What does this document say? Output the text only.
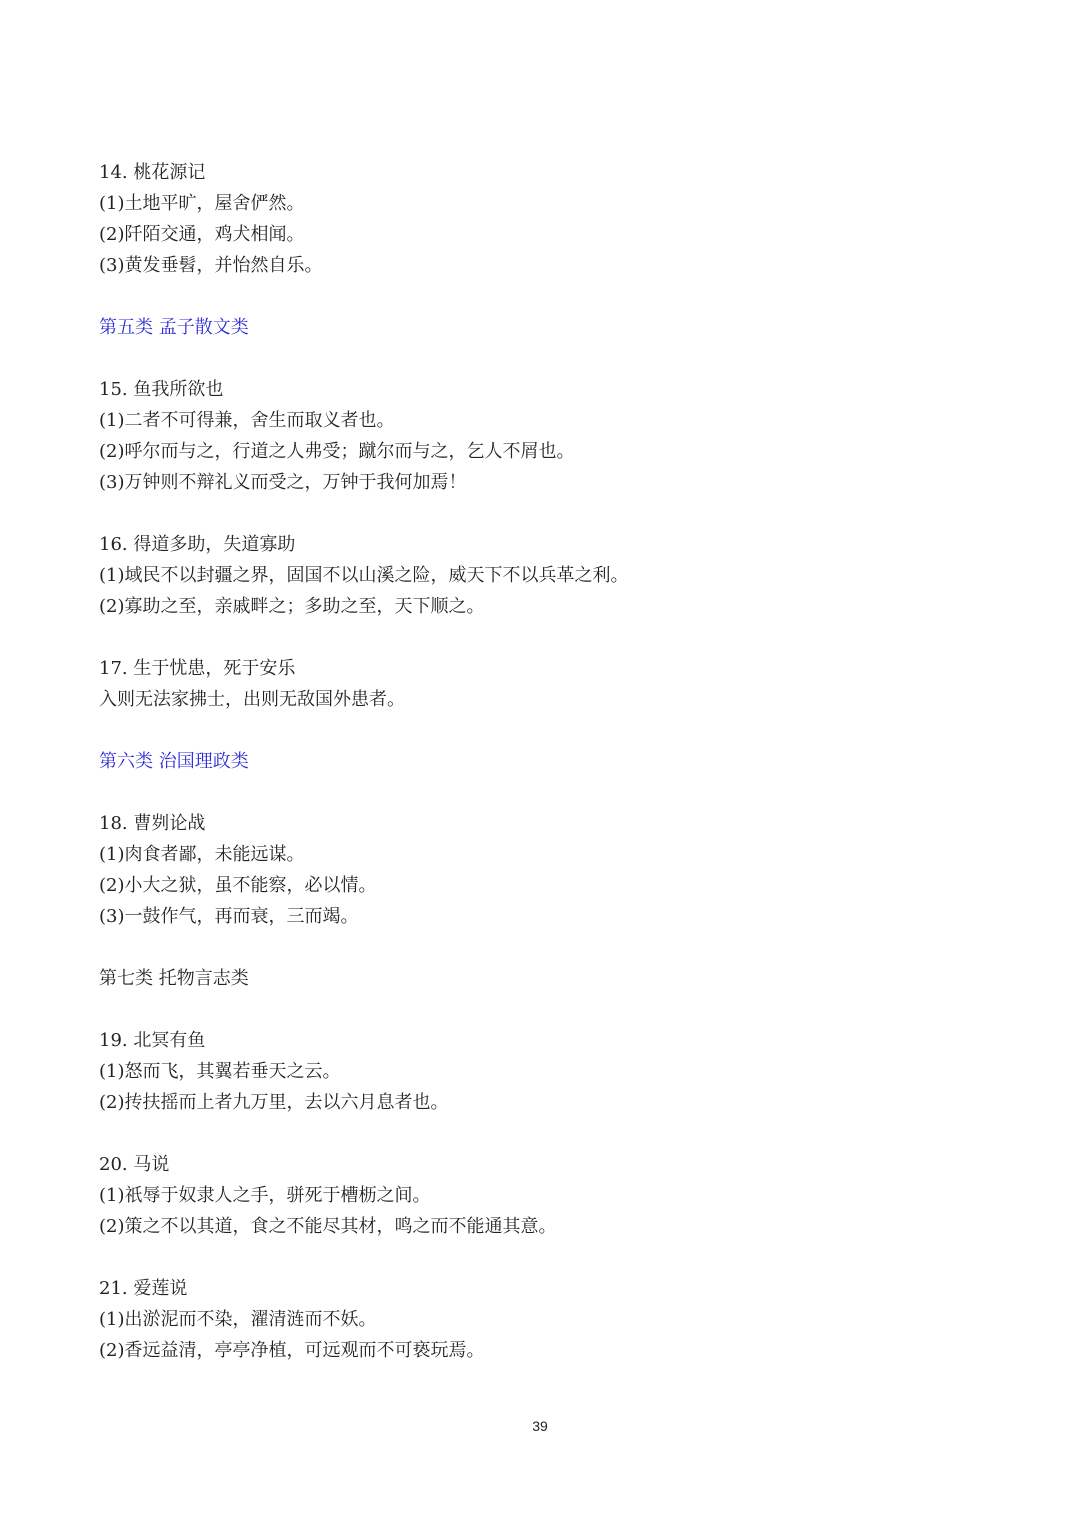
14. 桃花源记
(1)土地平旷，屋舍俨然。
(2)阡陌交通，鸡犬相闻。
(3)黄发垂髫，并怡然自乐。
第五类 孟子散文类
15. 鱼我所欲也
(1)二者不可得兼，舍生而取义者也。
(2)呼尔而与之，行道之人弗受；蹴尔而与之，乞人不屑也。
(3)万钟则不辩礼义而受之，万钟于我何加焉！
16. 得道多助，失道寡助
(1)域民不以封疆之界，固国不以山溪之险，威天下不以兵革之利。
(2)寡助之至，亲戚畔之；多助之至，天下顺之。
17. 生于忧患，死于安乐
入则无法家拂士，出则无敌国外患者。
第六类 治国理政类
18. 曹刿论战
(1)肉食者鄙，未能远谋。
(2)小大之狱，虽不能察，必以情。
(3)一鼓作气，再而衰，三而竭。
第七类 托物言志类
19. 北冥有鱼
(1)怒而飞，其翼若垂天之云。
(2)抟扶摇而上者九万里，去以六月息者也。
20. 马说
(1)祇辱于奴隶人之手，骈死于槽枥之间。
(2)策之不以其道，食之不能尽其材，鸣之而不能通其意。
21. 爱莲说
(1)出淤泥而不染，濯清涟而不妖。
(2)香远益清，亭亭净植，可远观而不可亵玩焉。
39
